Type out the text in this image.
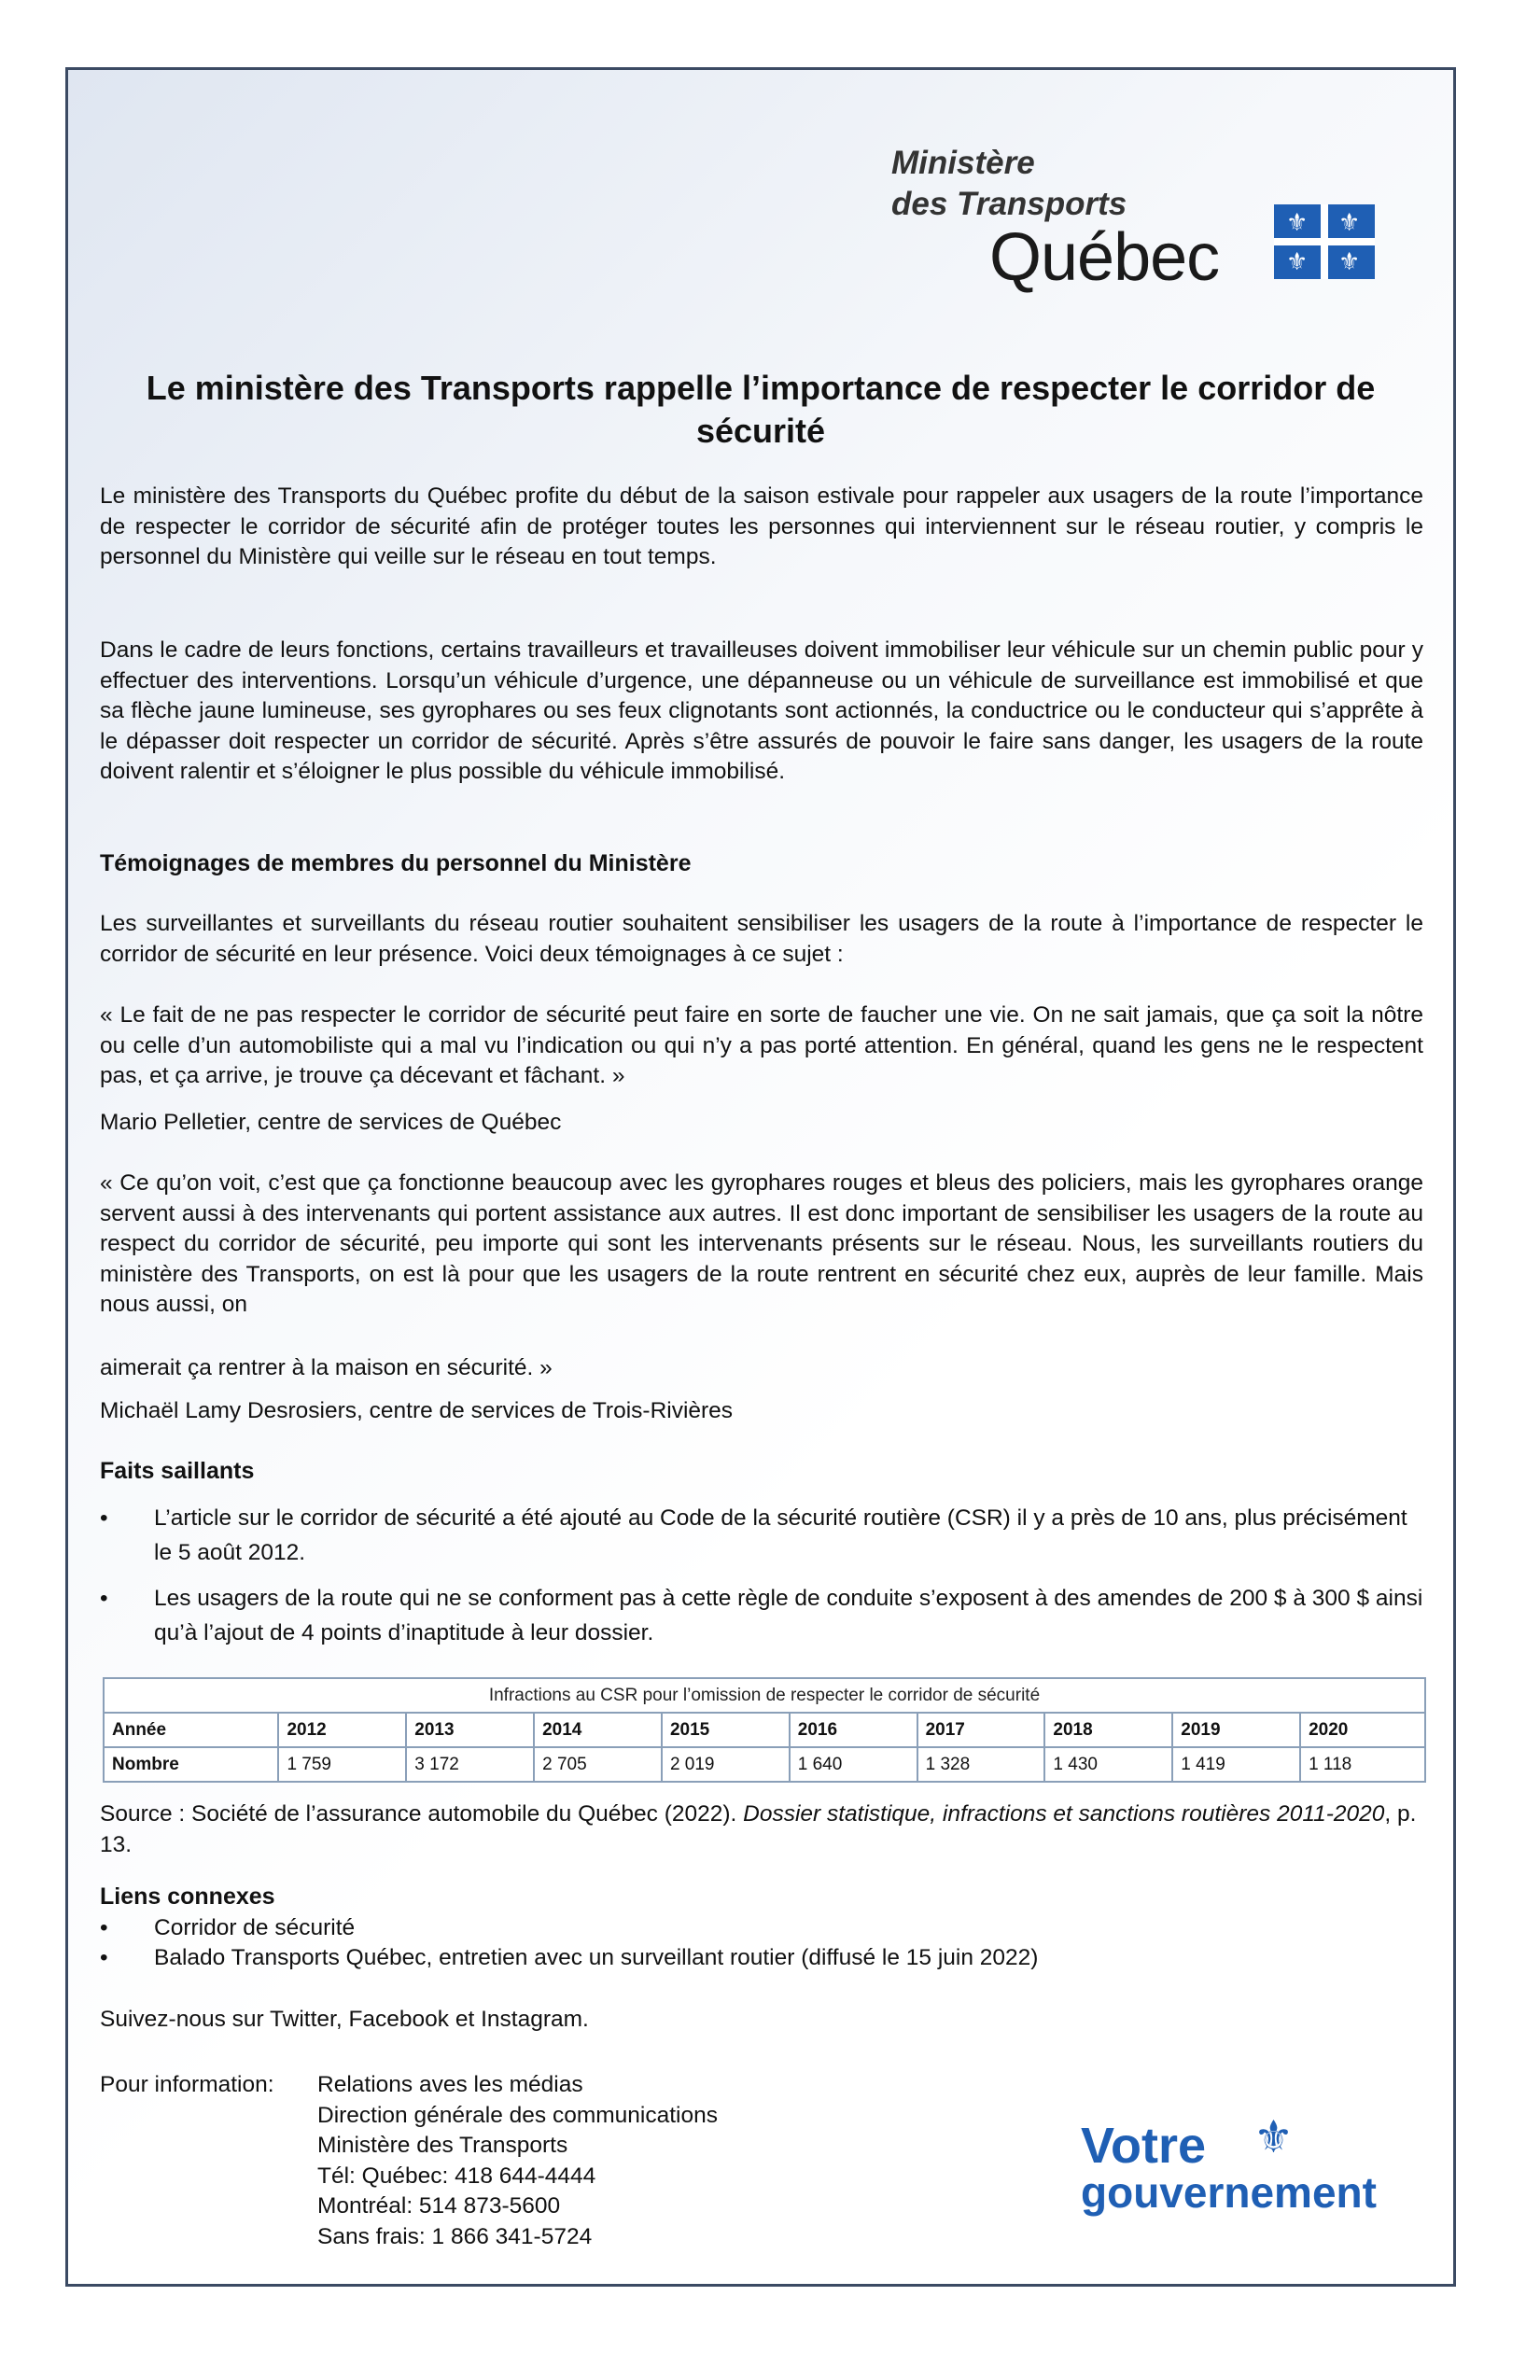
Ministère
des Transports
Québec	⚜ ⚜
⚜ ⚜
Le ministère des Transports rappelle l’importance de respecter le corridor de sécurité
Le ministère des Transports du Québec profite du début de la saison estivale pour rappeler aux usagers de la route l’importance de respecter le corridor de sécurité afin de protéger toutes les personnes qui interviennent sur le réseau routier, y compris le personnel du Ministère qui veille sur le réseau en tout temps.
Dans le cadre de leurs fonctions, certains travailleurs et travailleuses doivent immobiliser leur véhicule sur un chemin public pour y effectuer des interventions. Lorsqu’un véhicule d’urgence, une dépanneuse ou un véhicule de surveillance est immobilisé et que sa flèche jaune lumineuse, ses gyrophares ou ses feux clignotants sont actionnés, la conductrice ou le conducteur qui s’apprête à le dépasser doit respecter un corridor de sécurité. Après s’être assurés de pouvoir le faire sans danger, les usagers de la route doivent ralentir et s’éloigner le plus possible du véhicule immobilisé.
Témoignages de membres du personnel du Ministère
Les surveillantes et surveillants du réseau routier souhaitent sensibiliser les usagers de la route à l’importance de respecter le corridor de sécurité en leur présence. Voici deux témoignages à ce sujet :
« Le fait de ne pas respecter le corridor de sécurité peut faire en sorte de faucher une vie. On ne sait jamais, que ça soit la nôtre ou celle d’un automobiliste qui a mal vu l’indication ou qui n’y a pas porté attention. En général, quand les gens ne le respectent pas, et ça arrive, je trouve ça décevant et fâchant. »
Mario Pelletier, centre de services de Québec
« Ce qu’on voit, c’est que ça fonctionne beaucoup avec les gyrophares rouges et bleus des policiers, mais les gyrophares orange servent aussi à des intervenants qui portent assistance aux autres. Il est donc important de sensibiliser les usagers de la route au respect du corridor de sécurité, peu importe qui sont les intervenants présents sur le réseau. Nous, les surveillants routiers du ministère des Transports, on est là pour que les usagers de la route rentrent en sécurité chez eux, auprès de leur famille. Mais nous aussi, on
aimerait ça rentrer à la maison en sécurité. »
Michaël Lamy Desrosiers, centre de services de Trois-Rivières
Faits saillants
• L’article sur le corridor de sécurité a été ajouté au Code de la sécurité routière (CSR) il y a près de 10 ans, plus précisément le 5 août 2012.
• Les usagers de la route qui ne se conforment pas à cette règle de conduite s’exposent à des amendes de 200 $ à 300 $ ainsi qu’à l’ajout de 4 points d’inaptitude à leur dossier.
Infractions au CSR pour l’omission de respecter le corridor de sécurité									
Année	2012	2013	2014	2015	2016	2017	2018	2019	2020
Nombre	1 759	3 172	2 705	2 019	1 640	1 328	1 430	1 419	1 118
Source : Société de l’assurance automobile du Québec (2022). Dossier statistique, infractions et sanctions routières 2011-2020, p. 13.
Liens connexes
• Corridor de sécurité
• Balado Transports Québec, entretien avec un surveillant routier (diffusé le 15 juin 2022)
Suivez-nous sur Twitter, Facebook et Instagram.
Pour information: Relations aves les médias
Direction générale des communications
Ministère des Transports
Tél: Québec: 418 644-4444
Montréal: 514 873-5600
Sans frais: 1 866 341-5724
Votre ⚜
gouvernement
